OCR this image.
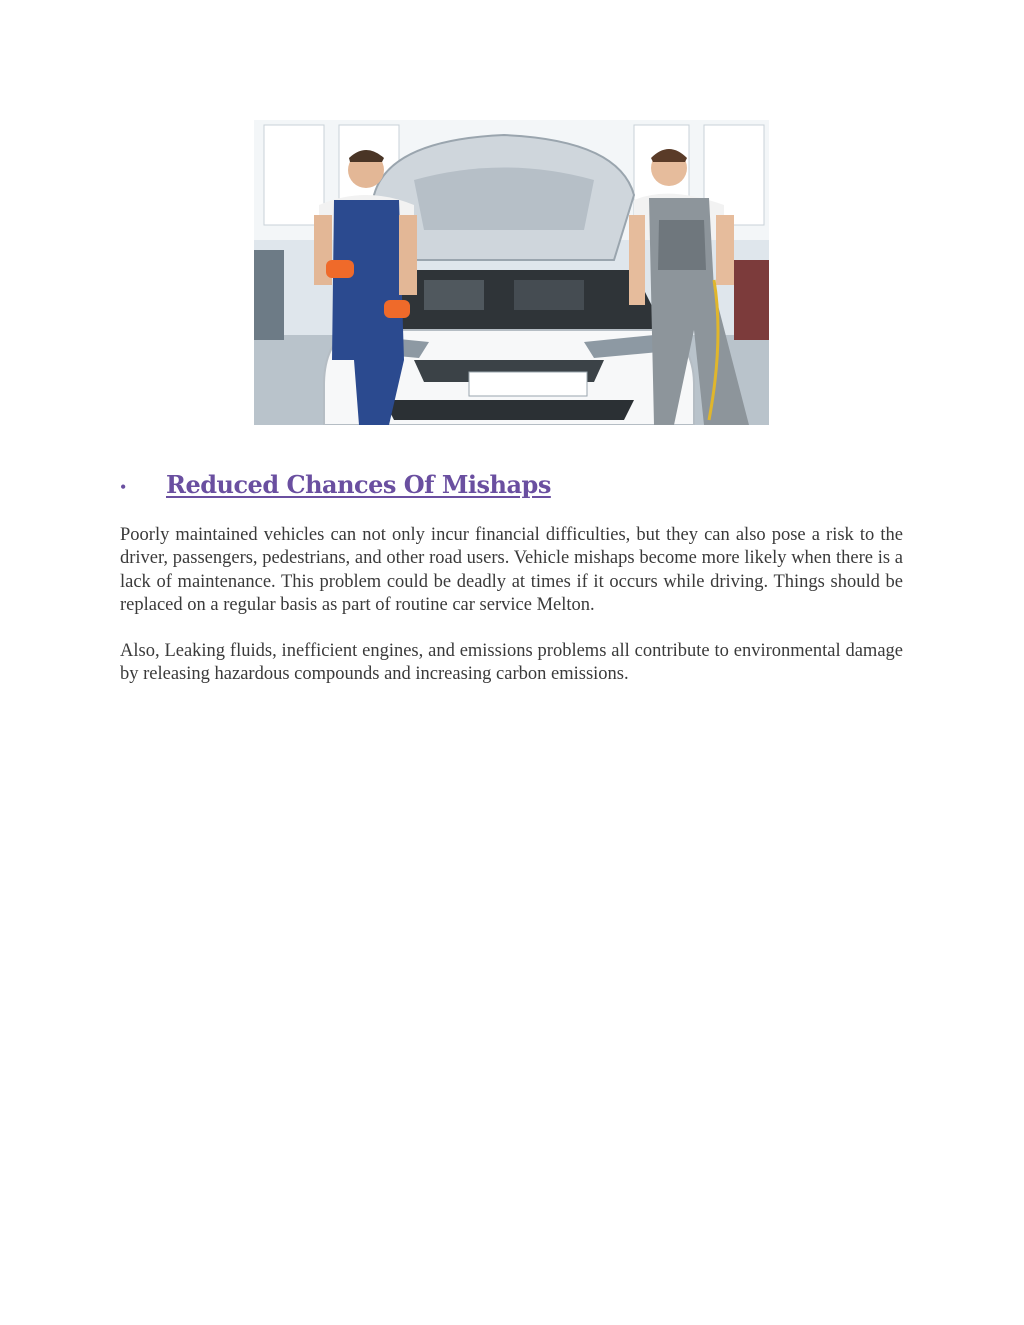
• Reduced Chances Of Mishaps

Poorly maintained vehicles can not only incur financial difficulties, but they can also pose a risk to the driver, passengers, pedestrians, and other road users. Vehicle mishaps become more likely when there is a lack of maintenance. This problem could be deadly at times if it occurs while driving. Things should be replaced on a regular basis as part of routine car service Melton.

Also, Leaking fluids, inefficient engines, and emissions problems all contribute to environmental damage by releasing hazardous compounds and increasing carbon emissions.
